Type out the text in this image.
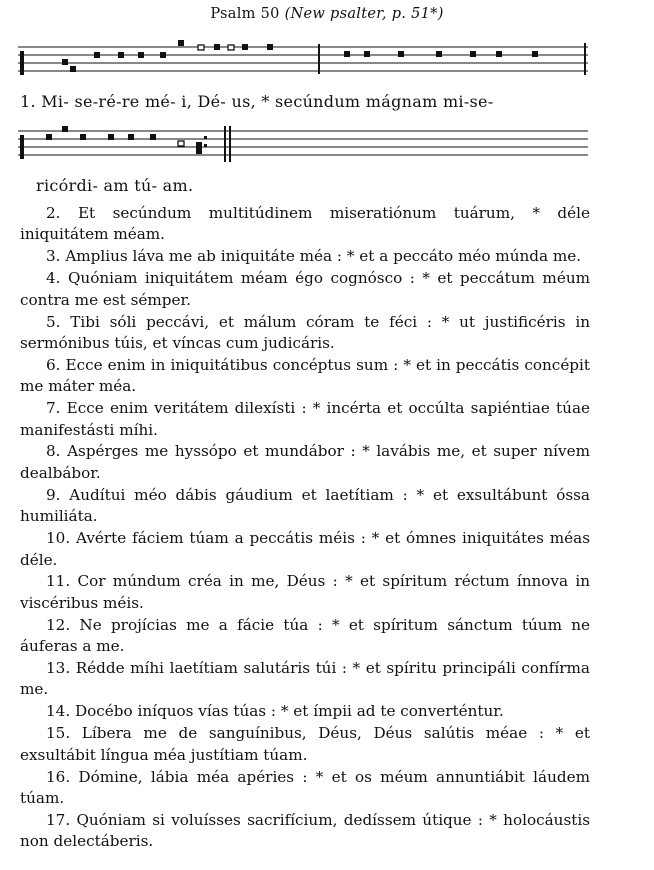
Psalm 50 (New psalter, p. 51*)
1. Mi- se-ré-re mé- i, Dé- us, * secúndum mágnam mi-se-
ricórdi- am tú- am.
2. Et secúndum multitúdinem miseratiónum tuárum, * déle iniquitátem méam.
3. Amplius láva me ab iniquitáte méa : * et a peccáto méo múnda me.
4. Quóniam iniquitátem méam égo cognósco : * et peccátum méum contra me est sémper.
5. Tibi sóli peccávi, et málum córam te féci : * ut justificéris in sermónibus túis, et víncas cum judicáris.
6. Ecce enim in iniquitátibus concéptus sum : * et in peccátis concépit me máter méa.
7. Ecce enim veritátem dilexísti : * incérta et occúlta sapiéntiae túae manifestásti míhi.
8. Aspérges me hyssópo et mundábor : * lavábis me, et super nívem dealbábor.
9. Audítui méo dábis gáudium et laetítiam : * et exsultábunt óssa humiliáta.
10. Avérte fáciem túam a peccátis méis : * et ómnes iniquitátes méas déle.
11. Cor múndum créa in me, Déus : * et spíritum réctum ínnova in viscéribus méis.
12. Ne projícias me a fácie túa : * et spíritum sánctum túum ne áuferas a me.
13. Rédde míhi laetítiam salutáris túi : * et spíritu principáli confírma me.
14. Docébo iníquos vías túas : * et ímpii ad te converténtur.
15. Líbera me de sanguínibus, Déus, Déus salútis méae : * et exsultábit língua méa justítiam túam.
16. Dómine, lábia méa apéries : * et os méum annuntiábit láudem túam.
17. Quóniam si voluísses sacrifícium, dedíssem útique : * holocáustis non delectáberis.
